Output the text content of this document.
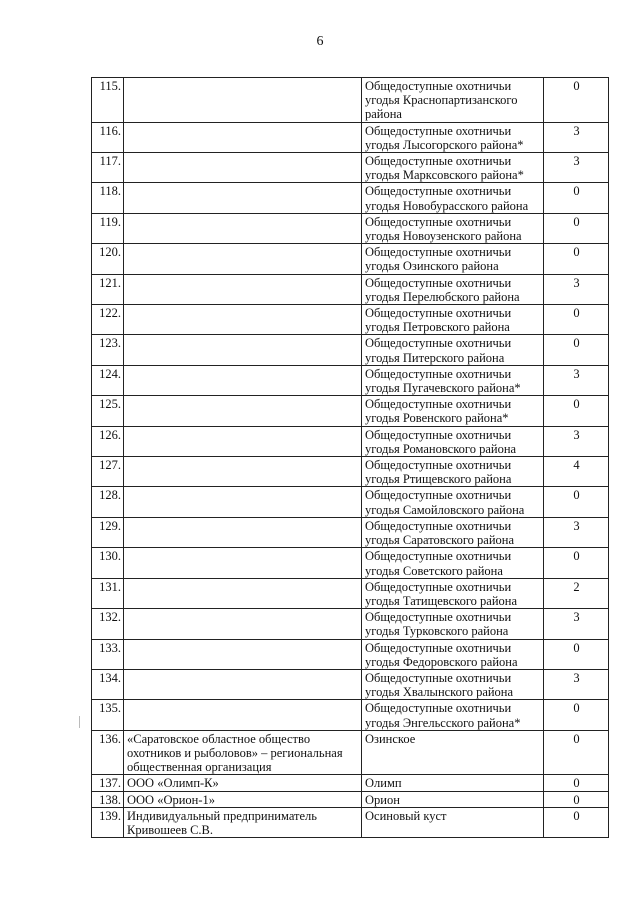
6
115.		Общедоступные охотничьи
угодья Краснопартизанского
района	0
116.		Общедоступные охотничьи
угодья Лысогорского района*	3
117.		Общедоступные охотничьи
угодья Марксовского района*	3
118.		Общедоступные охотничьи
угодья Новобурасского района	0
119.		Общедоступные охотничьи
угодья Новоузенского района	0
120.		Общедоступные охотничьи
угодья Озинского района	0
121.		Общедоступные охотничьи
угодья Перелюбского района	3
122.		Общедоступные охотничьи
угодья Петровского района	0
123.		Общедоступные охотничьи
угодья Питерского района	0
124.		Общедоступные охотничьи
угодья Пугачевского района*	3
125.		Общедоступные охотничьи
угодья Ровенского района*	0
126.		Общедоступные охотничьи
угодья Романовского района	3
127.		Общедоступные охотничьи
угодья Ртищевского района	4
128.		Общедоступные охотничьи
угодья Самойловского района	0
129.		Общедоступные охотничьи
угодья Саратовского района	3
130.		Общедоступные охотничьи
угодья Советского района	0
131.		Общедоступные охотничьи
угодья Татищевского района	2
132.		Общедоступные охотничьи
угодья Турковского района	3
133.		Общедоступные охотничьи
угодья Федоровского района	0
134.		Общедоступные охотничьи
угодья Хвалынского района	3
135.		Общедоступные охотничьи
угодья Энгельсского района*	0
136.	«Саратовское областное общество
охотников и рыболовов» – региональная
общественная организация	Озинское	0
137.	ООО «Олимп-К»	Олимп	0
138.	ООО «Орион-1»	Орион	0
139.	Индивидуальный предприниматель
Кривошеев С.В.	Осиновый куст	0
